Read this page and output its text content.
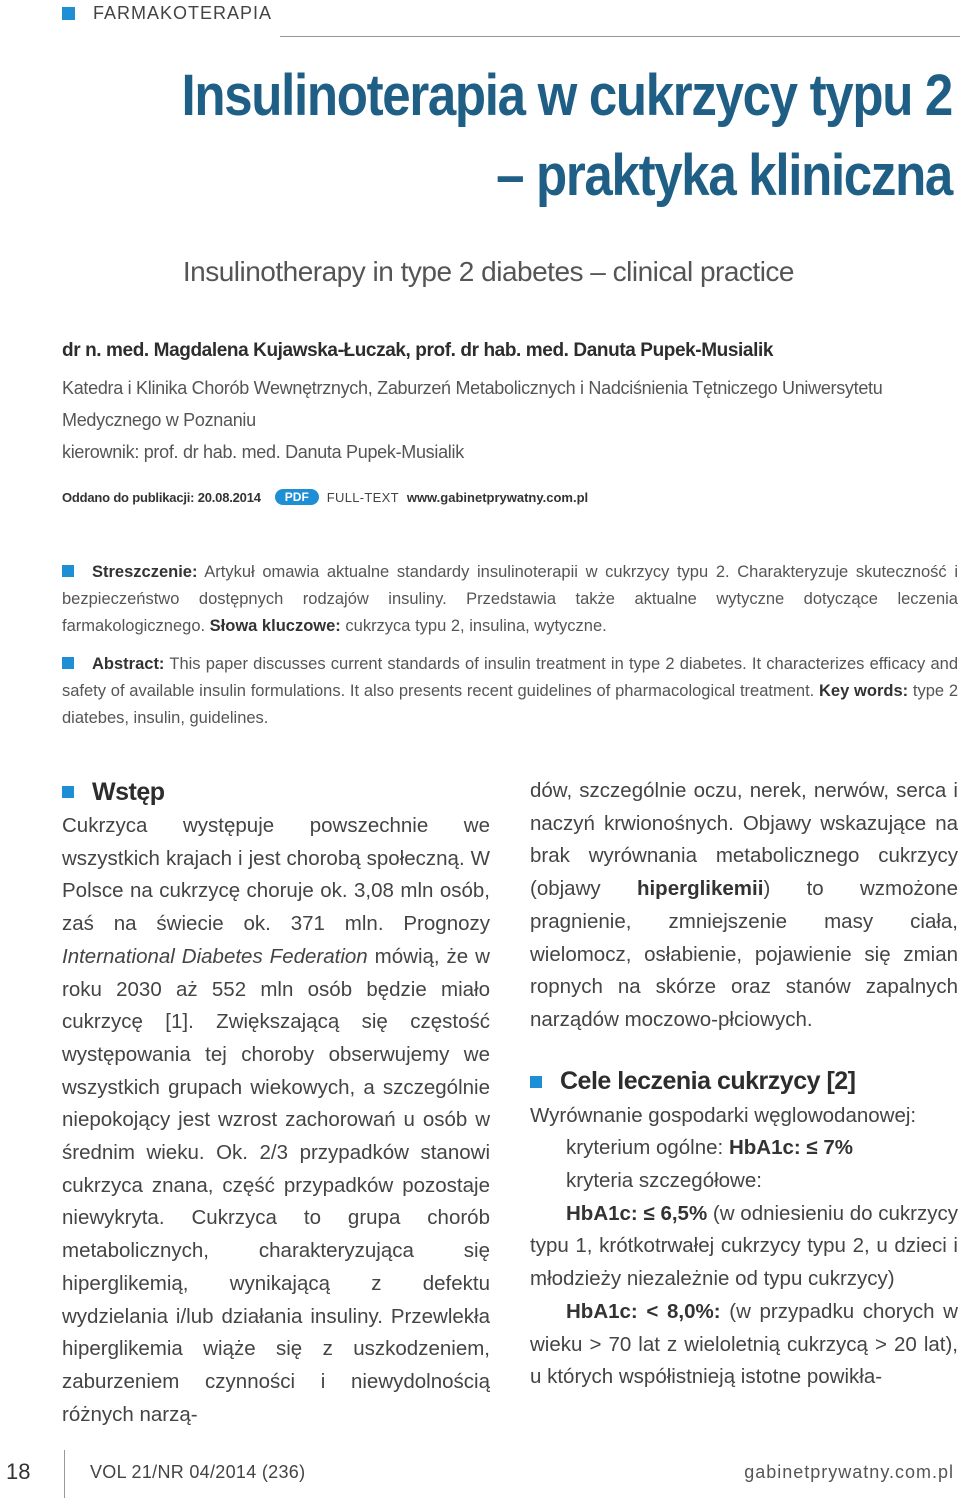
FARMAKOTERAPIA
Insulinoterapia w cukrzycy typu 2
– praktyka kliniczna
Insulinotherapy in type 2 diabetes – clinical practice

dr n. med. Magdalena Kujawska-Łuczak, prof. dr hab. med. Danuta Pupek-Musialik

Katedra i Klinika Chorób Wewnętrznych, Zaburzeń Metabolicznych i Nadciśnienia Tętniczego Uniwersytetu Medycznego w Poznaniu

kierownik: prof. dr hab. med. Danuta Pupek-Musialik

Oddano do publikacji: 20.08.2014	PDF	FULL-TEXT www.gabinetprywatny.com.pl

Streszczenie: Artykuł omawia aktualne standardy insulinoterapii w cukrzycy typu 2. Charakteryzuje skuteczność i bezpieczeństwo dostępnych rodzajów insuliny. Przedstawia także aktualne wytyczne dotyczące leczenia farmakologicznego. Słowa kluczowe: cukrzyca typu 2, insulina, wytyczne.

Abstract: This paper discusses current standards of insulin treatment in type 2 diabetes. It characterizes efficacy and safety of available insulin formulations. It also presents recent guidelines of pharmacological treatment. Key words: type 2 diatebes, insulin, guidelines.

Wstęp

Cukrzyca występuje powszechnie we wszystkich krajach i jest chorobą społeczną. W Polsce na cukrzycę choruje ok. 3,08 mln osób, zaś na świecie ok. 371 mln. Prognozy International Diabetes Federation mówią, że w roku 2030 aż 552 mln osób będzie miało cukrzycę [1]. Zwiększającą się częstość występowania tej choroby obserwujemy we wszystkich grupach wiekowych, a szczególnie niepokojący jest wzrost zachorowań u osób w średnim wieku. Ok. 2/3 przypadków stanowi cukrzyca znana, część przypadków pozostaje niewykryta. Cukrzyca to grupa chorób metabolicznych, charakteryzująca się hiperglikemią, wynikającą z defektu wydzielania i/lub działania insuliny. Przewlekła hiperglikemia wiąże się z uszkodzeniem, zaburzeniem czynności i niewydolnością różnych narzą-

dów, szczególnie oczu, nerek, nerwów, serca i naczyń krwionośnych. Objawy wskazujące na brak wyrównania metabolicznego cukrzycy (objawy hiperglikemii) to wzmożone pragnienie, zmniejszenie masy ciała, wielomocz, osłabienie, pojawienie się zmian ropnych na skórze oraz stanów zapalnych narządów moczowo-płciowych.

Cele leczenia cukrzycy [2]

Wyrównanie gospodarki węglowodanowej:

kryterium ogólne: HbA1c: ≤ 7%

kryteria szczegółowe:

HbA1c: ≤ 6,5% (w odniesieniu do cukrzycy typu 1, krótkotrwałej cukrzycy typu 2, u dzieci i młodzieży niezależnie od typu cukrzycy)

HbA1c: < 8,0%: (w przypadku chorych w wieku > 70 lat z wieloletnią cukrzycą > 20 lat), u których współistnieją istotne powikła-

18	VOL 21/NR 04/2014 (236)	gabinetprywatny.com.pl
